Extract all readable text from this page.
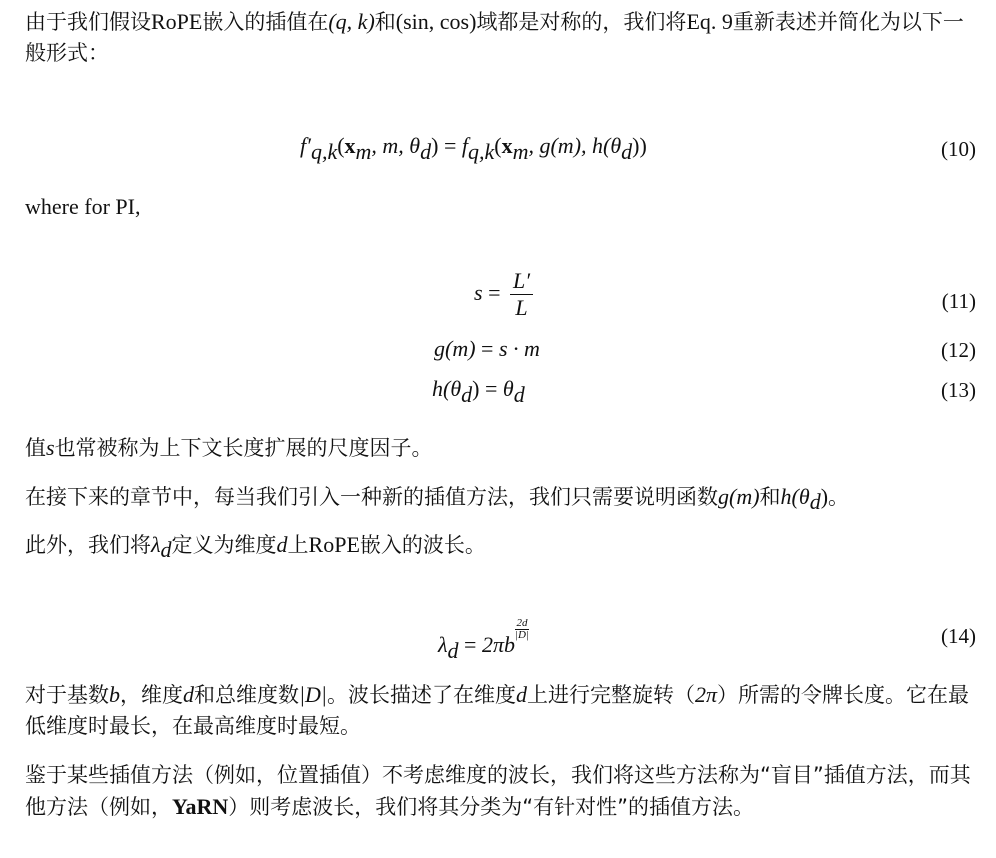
由于我们假设RoPE嵌入的插值在(q, k)和(sin, cos)域都是对称的，我们将Eq. 9重新表述并简化为以下一般形式：

$f'_{q,k}(x_m$, m, $\theta_d) = f_{q,k}(x_m$, g(m), $h(\theta_d)$)	(10)
where for PI,
$s = \frac{L'}{L}$	(11)
g(m) = s · m	(12)
$h(\theta_d) = \theta_d$	(13)

值s也常被称为上下文长度扩展的尺度因子。

在接下来的章节中，每当我们引入一种新的插值方法，我们只需要说明函数g(m)和$h(\theta_d)$。

此外，我们将$\lambda_d$定义为维度d上RoPE嵌入的波长。

$\lambda_d = 2\pi b$
$^{\frac{2d}{|D|}}$	(14)

对于基数b，维度d和总维度数|D|。波长描述了在维度d上进行完整旋转（2π）所需的令牌长度。它在最低维度时最长，在最高维度时最短。

鉴于某些插值方法（例如，位置插值）不考虑维度的波长，我们将这些方法称为“盲目”插值方法，而其他方法（例如，YaRN）则考虑波长，我们将其分类为“有针对性”的插值方法。
